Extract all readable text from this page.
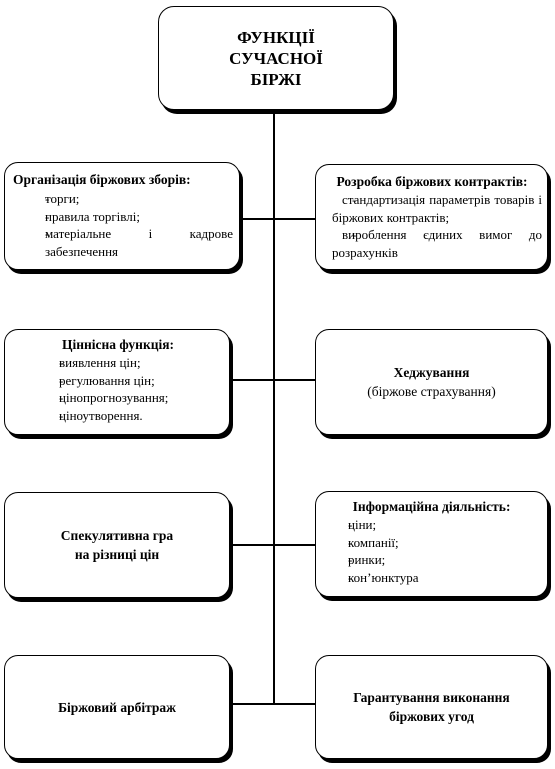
ФУНКЦІЇ
СУЧАСНОЇ
БІРЖІ
Організація біржових зборів:
- торги;
- правила торгівлі;
- матеріальне і кадрове забезпечення
Розробка біржових контрактів:
- стандартизація параметрів товарів і біржових контрактів;
- вироблення єдиних вимог до розрахунків
Ціннісна функція:
- виявлення цін;
- регулювання цін;
- цінопрогнозування;
- ціноутворення.
Хеджування
(біржове страхування)
Спекулятивна гра
на різниці цін
Інформаційна діяльність:
- ціни;
- компанії;
- ринки;
- кон’юнктура
Біржовий арбітраж
Гарантування виконання
біржових угод
